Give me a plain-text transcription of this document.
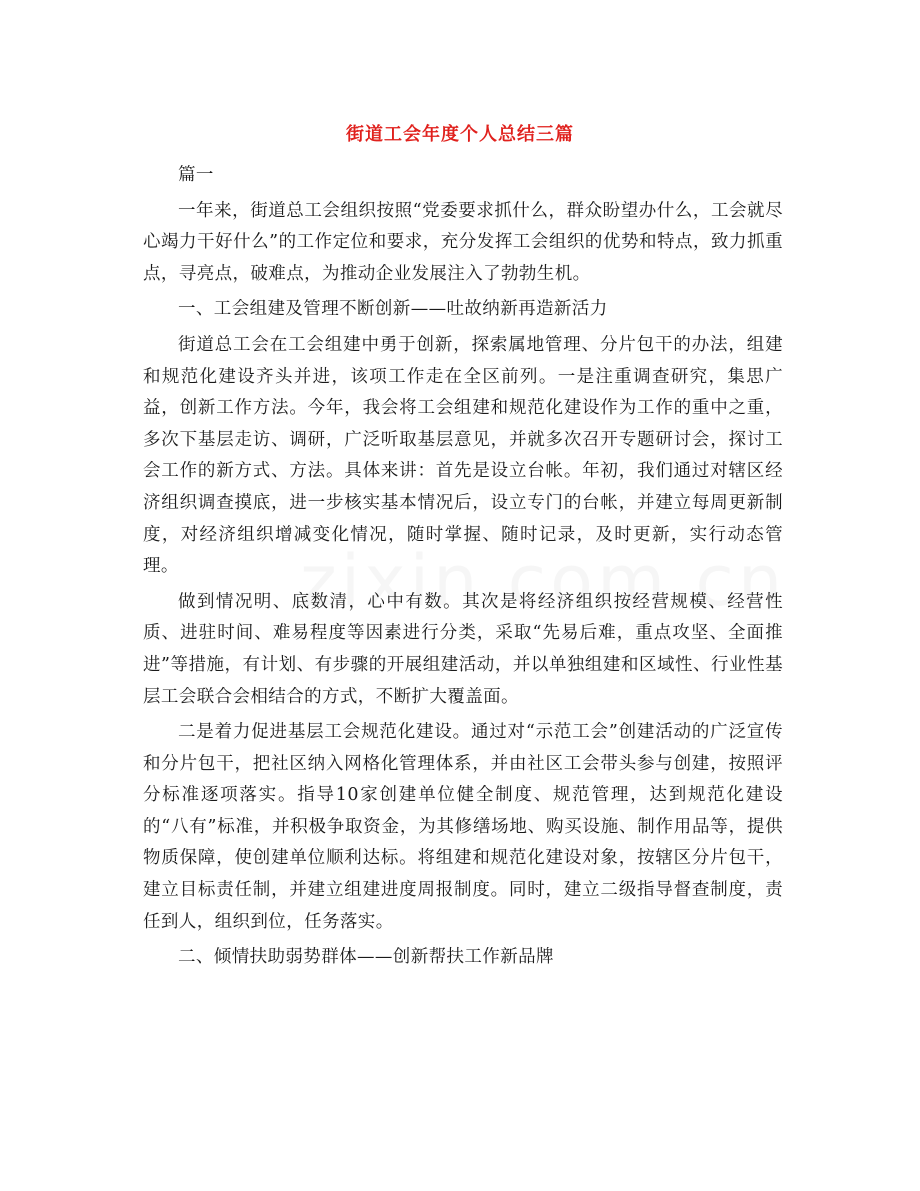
街道工会年度个人总结三篇

篇一

一年来，街道总工会组织按照“党委要求抓什么，群众盼望办什么，工会就尽心竭力干好什么”的工作定位和要求，充分发挥工会组织的优势和特点，致力抓重点，寻亮点，破难点，为推动企业发展注入了勃勃生机。

一、工会组建及管理不断创新——吐故纳新再造新活力

街道总工会在工会组建中勇于创新，探索属地管理、分片包干的办法，组建和规范化建设齐头并进，该项工作走在全区前列。一是注重调查研究，集思广益，创新工作方法。今年，我会将工会组建和规范化建设作为工作的重中之重，多次下基层走访、调研，广泛听取基层意见，并就多次召开专题研讨会，探讨工会工作的新方式、方法。具体来讲：首先是设立台帐。年初，我们通过对辖区经济组织调查摸底，进一步核实基本情况后，设立专门的台帐，并建立每周更新制度，对经济组织增减变化情况，随时掌握、随时记录，及时更新，实行动态管理。

做到情况明、底数清，心中有数。其次是将经济组织按经营规模、经营性质、进驻时间、难易程度等因素进行分类，采取“先易后难，重点攻坚、全面推进”等措施，有计划、有步骤的开展组建活动，并以单独组建和区域性、行业性基层工会联合会相结合的方式，不断扩大覆盖面。

二是着力促进基层工会规范化建设。通过对“示范工会”创建活动的广泛宣传和分片包干，把社区纳入网格化管理体系，并由社区工会带头参与创建，按照评分标准逐项落实。指导10家创建单位健全制度、规范管理，达到规范化建设的“八有”标准，并积极争取资金，为其修缮场地、购买设施、制作用品等，提供物质保障，使创建单位顺利达标。将组建和规范化建设对象，按辖区分片包干，建立目标责任制，并建立组建进度周报制度。同时，建立二级指导督查制度，责任到人，组织到位，任务落实。

二、倾情扶助弱势群体——创新帮扶工作新品牌
